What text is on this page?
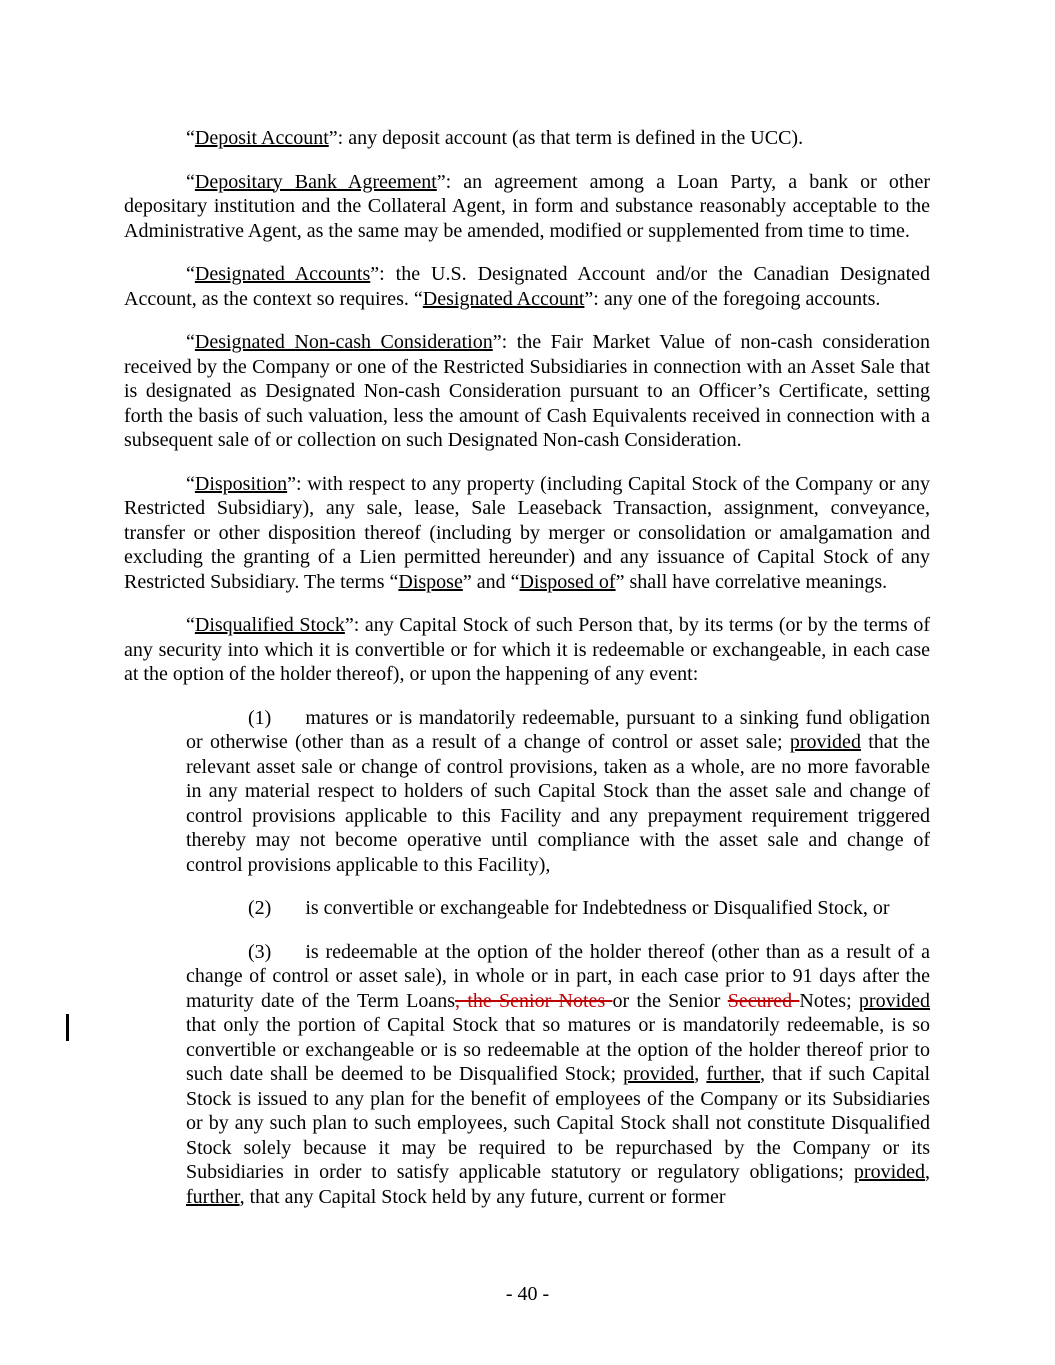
“Deposit Account”: any deposit account (as that term is defined in the UCC).

“Depositary Bank Agreement”: an agreement among a Loan Party, a bank or other depositary institution and the Collateral Agent, in form and substance reasonably acceptable to the Administrative Agent, as the same may be amended, modified or supplemented from time to time.

“Designated Accounts”: the U.S. Designated Account and/or the Canadian Designated Account, as the context so requires. “Designated Account”: any one of the foregoing accounts.

“Designated Non-cash Consideration”: the Fair Market Value of non-cash consideration received by the Company or one of the Restricted Subsidiaries in connection with an Asset Sale that is designated as Designated Non-cash Consideration pursuant to an Officer’s Certificate, setting forth the basis of such valuation, less the amount of Cash Equivalents received in connection with a subsequent sale of or collection on such Designated Non-cash Consideration.

“Disposition”: with respect to any property (including Capital Stock of the Company or any Restricted Subsidiary), any sale, lease, Sale Leaseback Transaction, assignment, conveyance, transfer or other disposition thereof (including by merger or consolidation or amalgamation and excluding the granting of a Lien permitted hereunder) and any issuance of Capital Stock of any Restricted Subsidiary. The terms “Dispose” and “Disposed of” shall have correlative meanings.

“Disqualified Stock”: any Capital Stock of such Person that, by its terms (or by the terms of any security into which it is convertible or for which it is redeemable or exchangeable, in each case at the option of the holder thereof), or upon the happening of any event:

(1) matures or is mandatorily redeemable, pursuant to a sinking fund obligation or otherwise (other than as a result of a change of control or asset sale; provided that the relevant asset sale or change of control provisions, taken as a whole, are no more favorable in any material respect to holders of such Capital Stock than the asset sale and change of control provisions applicable to this Facility and any prepayment requirement triggered thereby may not become operative until compliance with the asset sale and change of control provisions applicable to this Facility),

(2) is convertible or exchangeable for Indebtedness or Disqualified Stock, or

(3) is redeemable at the option of the holder thereof (other than as a result of a change of control or asset sale), in whole or in part, in each case prior to 91 days after the maturity date of the Term Loans, the Senior Notes or the Senior Secured Notes; provided that only the portion of Capital Stock that so matures or is mandatorily redeemable, is so convertible or exchangeable or is so redeemable at the option of the holder thereof prior to such date shall be deemed to be Disqualified Stock; provided, further, that if such Capital Stock is issued to any plan for the benefit of employees of the Company or its Subsidiaries or by any such plan to such employees, such Capital Stock shall not constitute Disqualified Stock solely because it may be required to be repurchased by the Company or its Subsidiaries in order to satisfy applicable statutory or regulatory obligations; provided, further, that any Capital Stock held by any future, current or former

- 40 -
